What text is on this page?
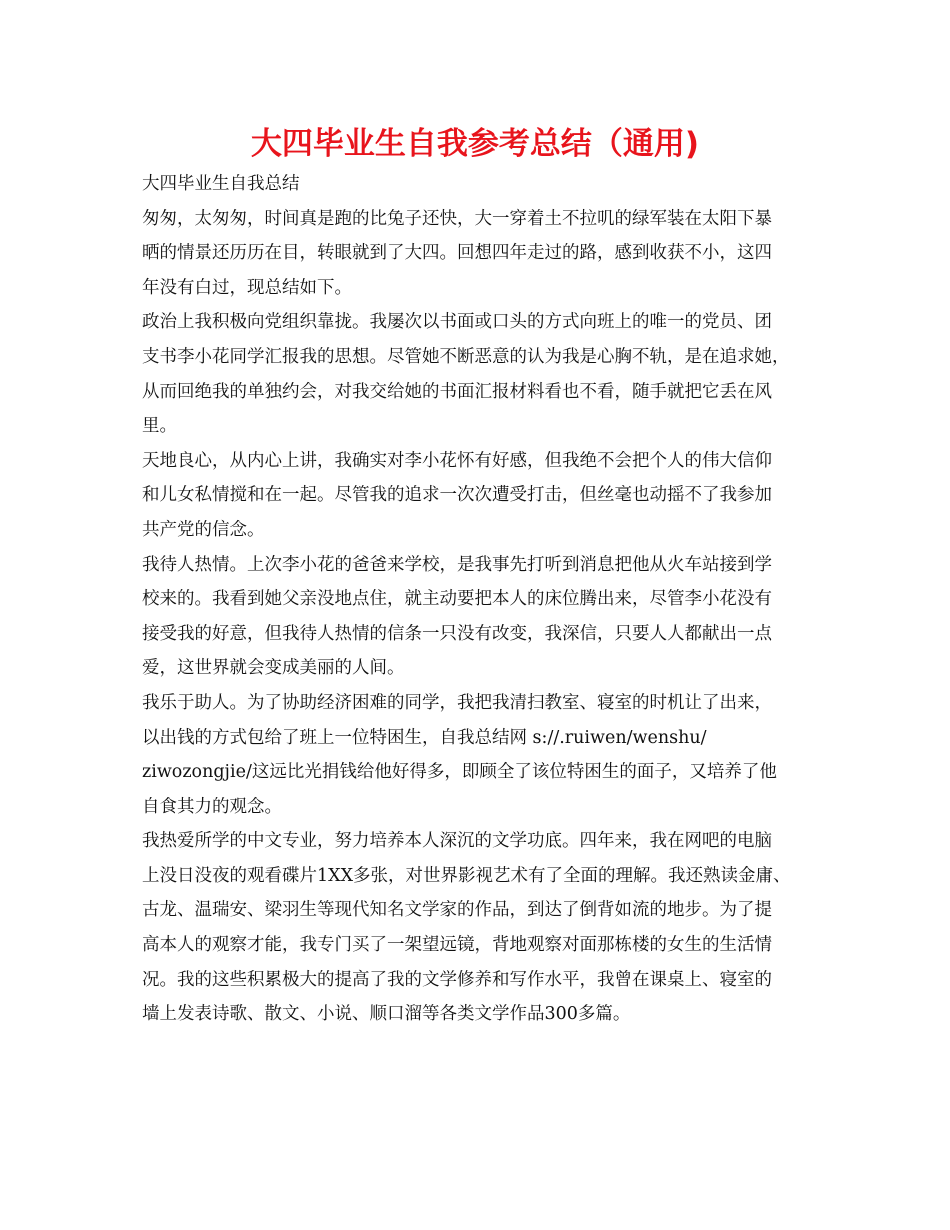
大四毕业生自我参考总结（通用)
大四毕业生自我总结
匆匆，太匆匆，时间真是跑的比兔子还快，大一穿着土不拉叽的绿军装在太阳下暴
晒的情景还历历在目，转眼就到了大四。回想四年走过的路，感到收获不小，这四
年没有白过，现总结如下。
政治上我积极向党组织靠拢。我屡次以书面或口头的方式向班上的唯一的党员、团
支书李小花同学汇报我的思想。尽管她不断恶意的认为我是心胸不轨，是在追求她，
从而回绝我的单独约会，对我交给她的书面汇报材料看也不看，随手就把它丢在风
里。
天地良心，从内心上讲，我确实对李小花怀有好感，但我绝不会把个人的伟大信仰
和儿女私情搅和在一起。尽管我的追求一次次遭受打击，但丝毫也动摇不了我参加
共产党的信念。
我待人热情。上次李小花的爸爸来学校，是我事先打听到消息把他从火车站接到学
校来的。我看到她父亲没地点住，就主动要把本人的床位腾出来，尽管李小花没有
接受我的好意，但我待人热情的信条一只没有改变，我深信，只要人人都献出一点
爱，这世界就会变成美丽的人间。
我乐于助人。为了协助经济困难的同学，我把我清扫教室、寝室的时机让了出来，
以出钱的方式包给了班上一位特困生，自我总结网 s://.ruiwen/wenshu/
ziwozongjie/这远比光捐钱给他好得多，即顾全了该位特困生的面子，又培养了他
自食其力的观念。
我热爱所学的中文专业，努力培养本人深沉的文学功底。四年来，我在网吧的电脑
上没日没夜的观看碟片1XX多张，对世界影视艺术有了全面的理解。我还熟读金庸、
古龙、温瑞安、梁羽生等现代知名文学家的作品，到达了倒背如流的地步。为了提
高本人的观察才能，我专门买了一架望远镜，背地观察对面那栋楼的女生的生活情
况。我的这些积累极大的提高了我的文学修养和写作水平，我曾在课桌上、寝室的
墙上发表诗歌、散文、小说、顺口溜等各类文学作品300多篇。
